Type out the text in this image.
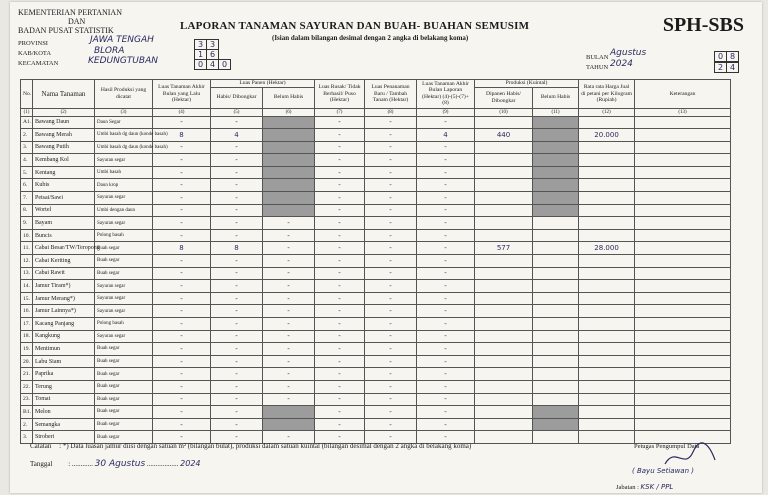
KEMENTERIAN PERTANIAN
DAN
BADAN PUSAT STATISTIK	LAPORAN TANAMAN SAYURAN DAN BUAH- BUAHAN SEMUSIM
(Isian dalam bilangan desimal dengan 2 angka di belakang koma)
SPH-SBS
PROVINSI	JAWA TENGAH	3 3
KAB/KOTA	BLORA	1 6
KECAMATAN	KEDUNGTUBAN	0 4 0
BULAN Agustus	0 8
TAHUN 2024	2 4
No.	Nama Tanaman	Hasil Produksi yang dicatat	Luas Tanaman Akhir Bulan yang Lalu (Hektar)	Luas Panen (Hektar)		Luas Rusak/ Tidak Berhasil/ Puso (Hektar)	Luas Penanaman Baru / Tambah Tanam (Hektar)	Luas Tanaman Akhir Bulan Laporan (Hektar) (4)-(5)-(7)+(8)	Produksi (Kuintal)		Rata rata Harga Jual di petani per Kilogram (Rupiah)	Keterangan
				Habis/ Dibongkar	Belum Habis				Dipanen Habis/ Dibongkar	Belum Habis		
(1)	(2)	(3)	(4)	(5)	(6)	(7)	(8)	(9)	(10)	(11)	(12)	(13)
A1.	Bawang Daun	Daun Segar	-	-		-	-	-				
2.	Bawang Merah	Umbi basah dg daun (konde basah)	8	4		-	-	4	440		20.000	
3.	Bawang Putih	Umbi basah dg daun (konde basah)	-	-		-	-	-				
4.	Kembang Kol	Sayuran segar	-	-		-	-	-				
5.	Kentang	Umbi basah	-	-		-	-	-				
6.	Kubis	Daun krop	-	-		-	-	-				
7.	Petsai/Sawi	Sayuran segar	-	-		-	-	-				
8.	Wortel	Umbi dengan daun	-	-		-	-	-				
9.	Bayam	Sayuran segar	-	-	-	-	-	-				
10.	Buncis	Polong basah	-	-	-	-	-	-				
11.	Cabai Besar/TW/Teropong	Buah segar	8	8	-	-	-	-	577		28.000	
12.	Cabai Keriting	Buah segar	-	-	-	-	-	-				
13.	Cabai Rawit	Buah segar	-	-	-	-	-	-				
14.	Jamur Tiram*)	Sayuran segar	-	-	-	-	-	-				
15.	Jamur Merang*)	Sayuran segar	-	-	-	-	-	-				
16.	Jamur Lainnya*)	Sayuran segar	-	-	-	-	-	-				
17.	Kacang Panjang	Polong basah	-	-	-	-	-	-				
18.	Kangkung	Sayuran segar	-	-	-	-	-	-				
19.	Mentimun	Buah segar	-	-	-	-	-	-				
20.	Labu Siam	Buah segar	-	-	-	-	-	-				
21.	Paprika	Buah segar	-	-	-	-	-	-				
22.	Terung	Buah segar	-	-	-	-	-	-				
23.	Tomat	Buah segar	-	-	-	-	-	-				
B1.	Melon	Buah segar	-	-		-	-	-				
2.	Semangka	Buah segar	-	-		-	-	-				
3.	Stroberi	Buah segar	-	-	-	-	-	-				
Catatan : *) Data luasan jamur diisi dengan satuan m² (bilangan bulat), produksi dalam satuan kuintal (bilangan desimal dengan 2 angka di belakang koma)
Tanggal : ............ 30 Agustus .................. 2024
Petugas Pengumpul Data
( Bayu Setiawan )
Jabatan : KSK / PPL
